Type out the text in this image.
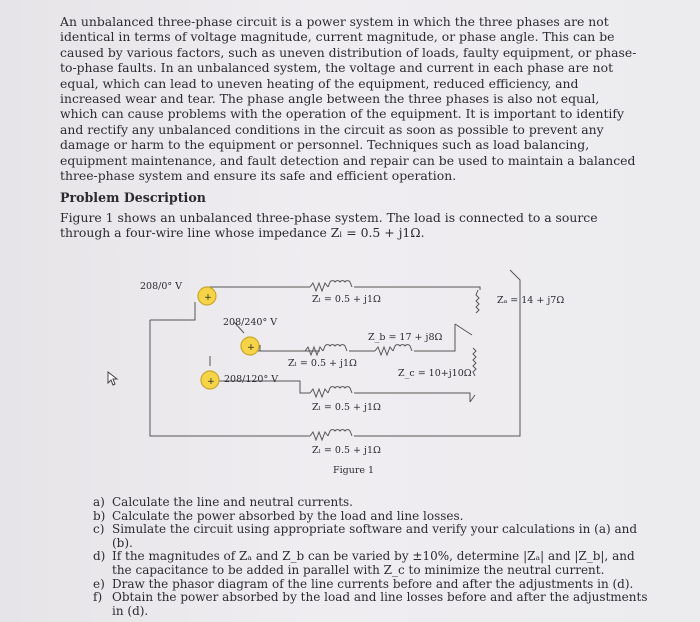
An unbalanced three-phase circuit is a power system in which the three phases are not identical in terms of voltage magnitude, current magnitude, or phase angle. This can be caused by various factors, such as uneven distribution of loads, faulty equipment, or phase-to-phase faults. In an unbalanced system, the voltage and current in each phase are not equal, which can lead to uneven heating of the equipment, reduced efficiency, and increased wear and tear. The phase angle between the three phases is also not equal, which can cause problems with the operation of the equipment. It is important to identify and rectify any unbalanced conditions in the circuit as soon as possible to prevent any damage or harm to the equipment or personnel. Techniques such as load balancing, equipment maintenance, and fault detection and repair can be used to maintain a balanced three-phase system and ensure its safe and efficient operation.

Problem Description

Figure 1 shows an unbalanced three-phase system. The load is connected to a source through a four-wire line whose impedance Zₗ = 0.5 + j1Ω.

+
+
+
208/0° V
208/240° V
208/120° V
Zₗ = 0.5 + j1Ω
Zₗ = 0.5 + j1Ω
Zₗ = 0.5 + j1Ω
Zₗ = 0.5 + j1Ω
Zₐ = 14 + j7Ω
Z_b = 17 + j8Ω
Z_c = 10+j10Ω
Figure 1
a) Calculate the line and neutral currents.
b) Calculate the power absorbed by the load and line losses.
c) Simulate the circuit using appropriate software and verify your calculations in (a) and (b).
d) If the magnitudes of Zₐ and Z_b can be varied by ±10%, determine |Zₐ| and |Z_b|, and the capacitance to be added in parallel with Z_c to minimize the neutral current.
e) Draw the phasor diagram of the line currents before and after the adjustments in (d).
f) Obtain the power absorbed by the load and line losses before and after the adjustments in (d).
